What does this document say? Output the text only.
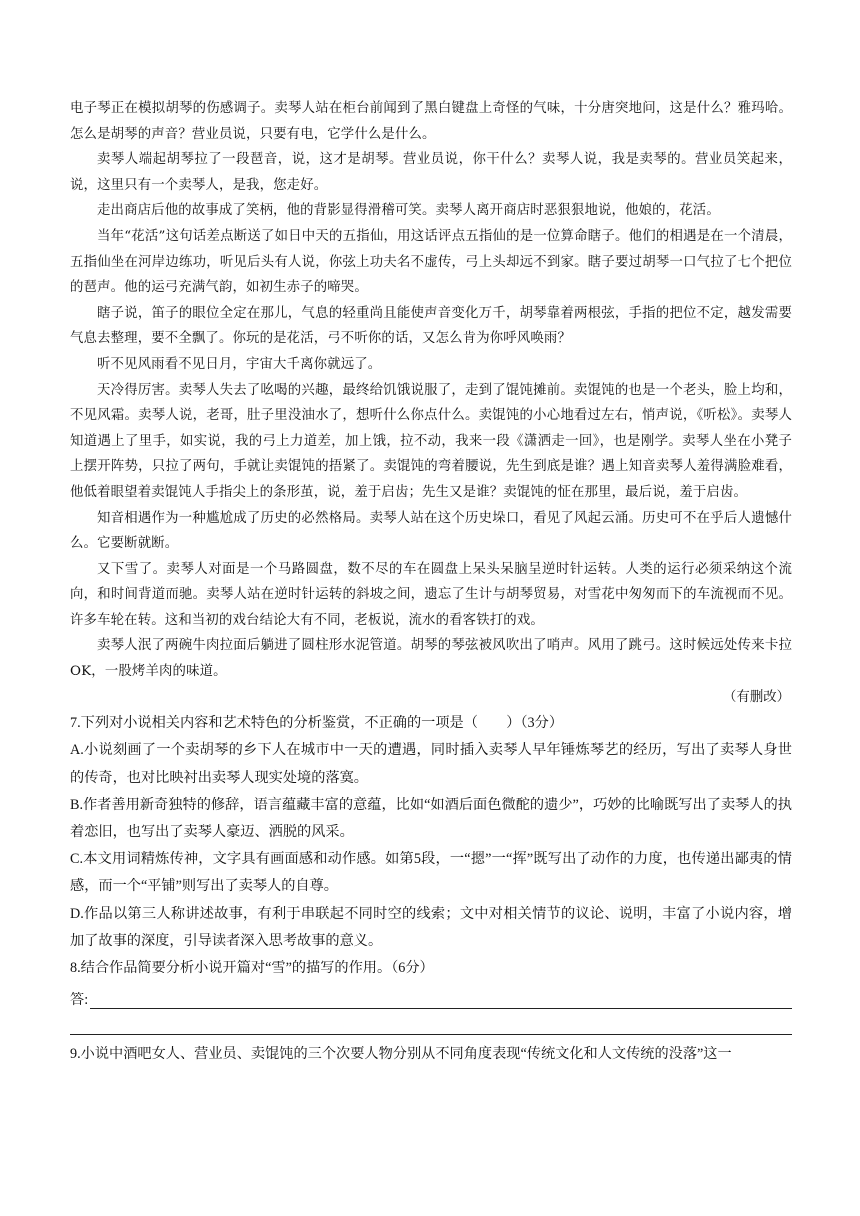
电子琴正在模拟胡琴的伤感调子。卖琴人站在柜台前闻到了黑白键盘上奇怪的气味，十分唐突地问，这是什么？雅玛哈。怎么是胡琴的声音？营业员说，只要有电，它学什么是什么。

卖琴人端起胡琴拉了一段琶音，说，这才是胡琴。营业员说，你干什么？卖琴人说，我是卖琴的。营业员笑起来，说，这里只有一个卖琴人，是我，您走好。

走出商店后他的故事成了笑柄，他的背影显得滑稽可笑。卖琴人离开商店时恶狠狠地说，他娘的，花活。

当年“花活”这句话差点断送了如日中天的五指仙，用这话评点五指仙的是一位算命瞎子。他们的相遇是在一个清晨，五指仙坐在河岸边练功，听见后头有人说，你弦上功夫名不虚传，弓上头却远不到家。瞎子要过胡琴一口气拉了七个把位的琶声。他的运弓充满气韵，如初生赤子的啼哭。

瞎子说，笛子的眼位全定在那儿，气息的轻重尚且能使声音变化万千，胡琴靠着两根弦，手指的把位不定，越发需要气息去整理，要不全飘了。你玩的是花活，弓不听你的话，又怎么肯为你呼风唤雨？

听不见风雨看不见日月，宇宙大千离你就远了。

天冷得厉害。卖琴人失去了吆喝的兴趣，最终给饥饿说服了，走到了馄饨摊前。卖馄饨的也是一个老头，脸上均和，不见风霜。卖琴人说，老哥，肚子里没油水了，想听什么你点什么。卖馄饨的小心地看过左右，悄声说，《听松》。卖琴人知道遇上了里手，如实说，我的弓上力道差，加上饿，拉不动，我来一段《潇洒走一回》，也是刚学。卖琴人坐在小凳子上摆开阵势，只拉了两句，手就让卖馄饨的捂紧了。卖馄饨的弯着腰说，先生到底是谁？遇上知音卖琴人羞得满脸难看，他低着眼望着卖馄饨人手指尖上的条形茧，说，羞于启齿；先生又是谁？卖馄饨的怔在那里，最后说，羞于启齿。

知音相遇作为一种尴尬成了历史的必然格局。卖琴人站在这个历史垛口，看见了风起云涌。历史可不在乎后人遗憾什么。它要断就断。

又下雪了。卖琴人对面是一个马路圆盘，数不尽的车在圆盘上呆头呆脑呈逆时针运转。人类的运行必须采纳这个流向，和时间背道而驰。卖琴人站在逆时针运转的斜坡之间，遗忘了生计与胡琴贸易，对雪花中匆匆而下的车流视而不见。许多车轮在转。这和当初的戏台结论大有不同，老板说，流水的看客铁打的戏。

卖琴人泯了两碗牛肉拉面后躺进了圆柱形水泥管道。胡琴的琴弦被风吹出了哨声。风用了跳弓。这时候远处传来卡拉OK，一股烤羊肉的味道。

（有删改）

7.下列对小说相关内容和艺术特色的分析鉴赏，不正确的一项是（　　）（3分）

A.小说刻画了一个卖胡琴的乡下人在城市中一天的遭遇，同时插入卖琴人早年锤炼琴艺的经历，写出了卖琴人身世的传奇，也对比映衬出卖琴人现实处境的落寞。

B.作者善用新奇独特的修辞，语言蕴藏丰富的意蕴，比如“如酒后面色微酡的遗少”，巧妙的比喻既写出了卖琴人的执着恋旧，也写出了卖琴人豪迈、洒脱的风采。

C.本文用词精炼传神，文字具有画面感和动作感。如第5段，一“摁”一“挥”既写出了动作的力度，也传递出鄙夷的情感，而一个“平铺”则写出了卖琴人的自尊。

D.作品以第三人称讲述故事，有利于串联起不同时空的线索；文中对相关情节的议论、说明，丰富了小说内容，增加了故事的深度，引导读者深入思考故事的意义。

8.结合作品简要分析小说开篇对“雪”的描写的作用。（6分）

答:

9.小说中酒吧女人、营业员、卖馄饨的三个次要人物分别从不同角度表现“传统文化和人文传统的没落”这一
